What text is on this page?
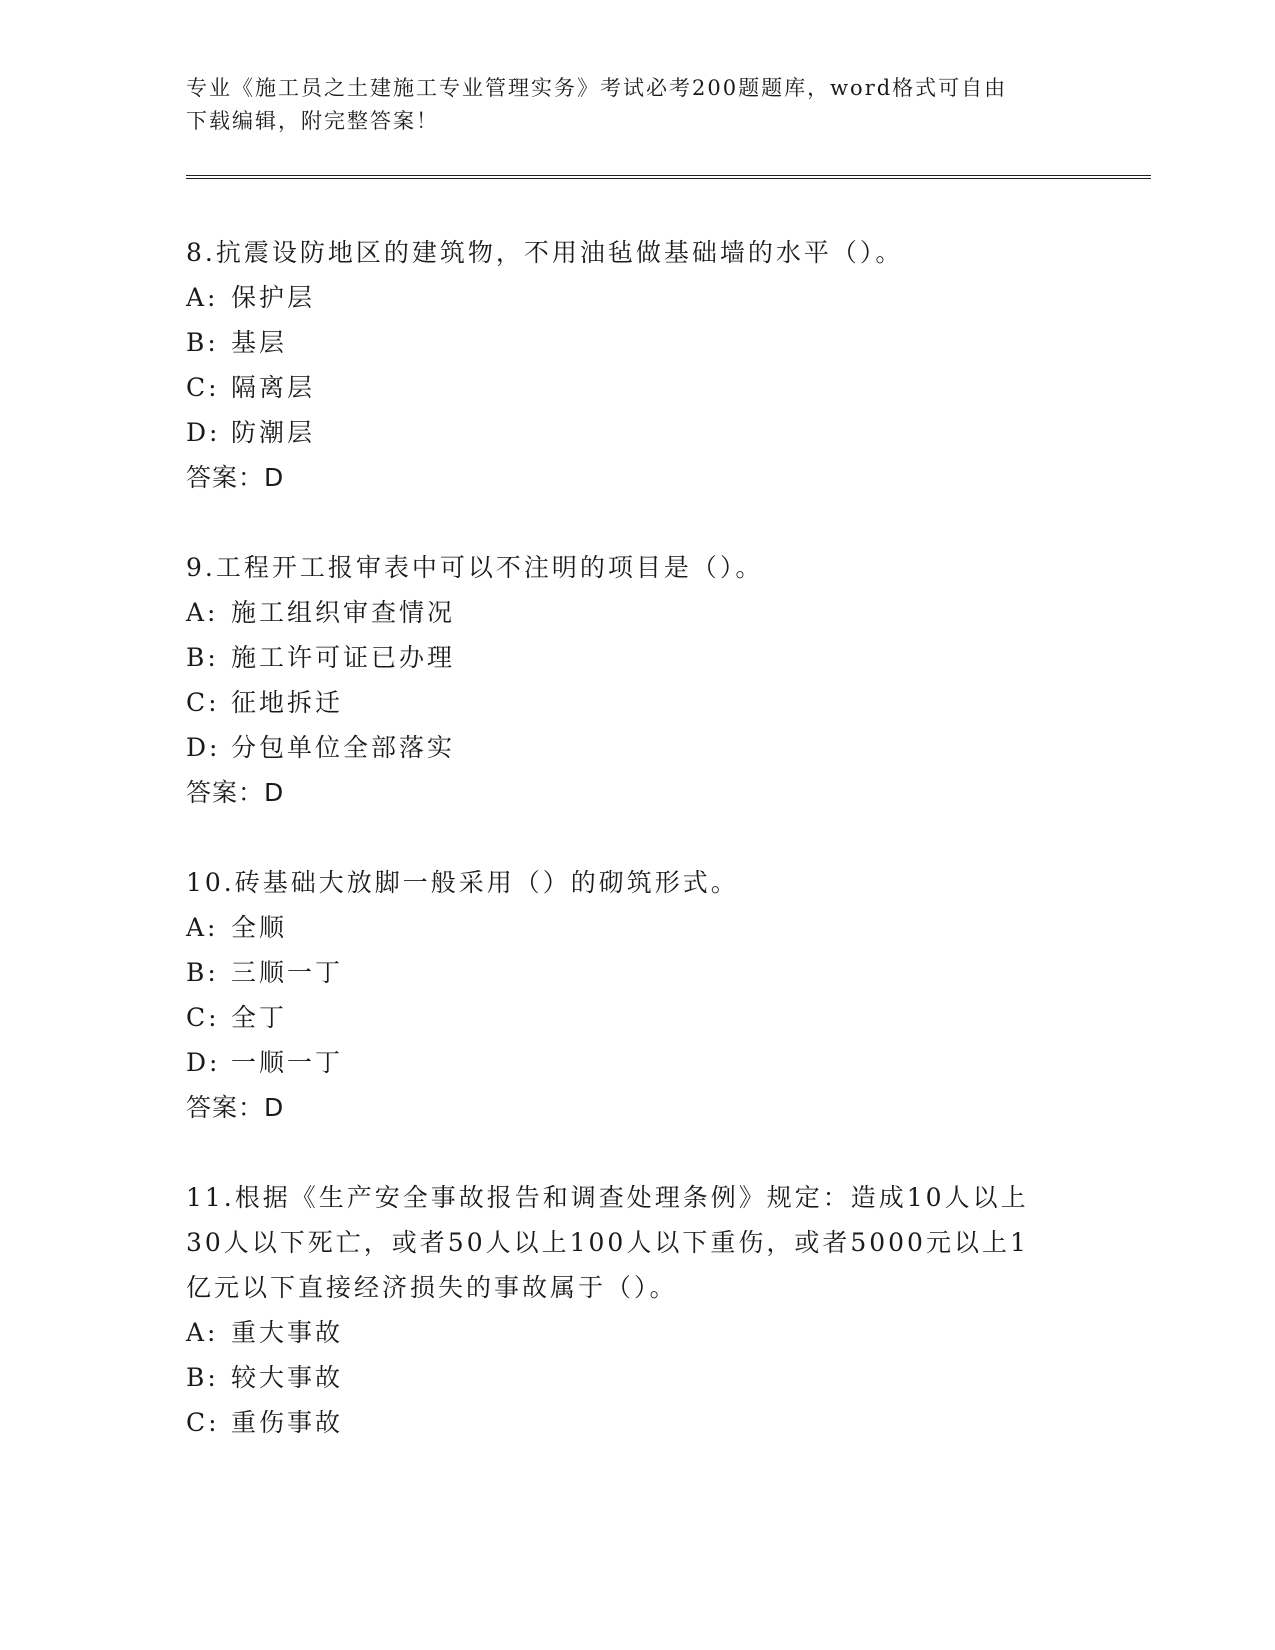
专业《施工员之土建施工专业管理实务》考试必考200题题库，word格式可自由
下载编辑，附完整答案！

8.抗震设防地区的建筑物，不用油毡做基础墙的水平（）。

A: 保护层

B: 基层

C: 隔离层

D: 防潮层

答案：D

9.工程开工报审表中可以不注明的项目是（）。

A: 施工组织审查情况

B: 施工许可证已办理

C: 征地拆迁

D: 分包单位全部落实

答案：D

10.砖基础大放脚一般采用（）的砌筑形式。

A: 全顺

B: 三顺一丁

C: 全丁

D: 一顺一丁

答案：D

11.根据《生产安全事故报告和调查处理条例》规定：造成10人以上

30人以下死亡，或者50人以上100人以下重伤，或者5000元以上1

亿元以下直接经济损失的事故属于（）。

A: 重大事故

B: 较大事故

C: 重伤事故
